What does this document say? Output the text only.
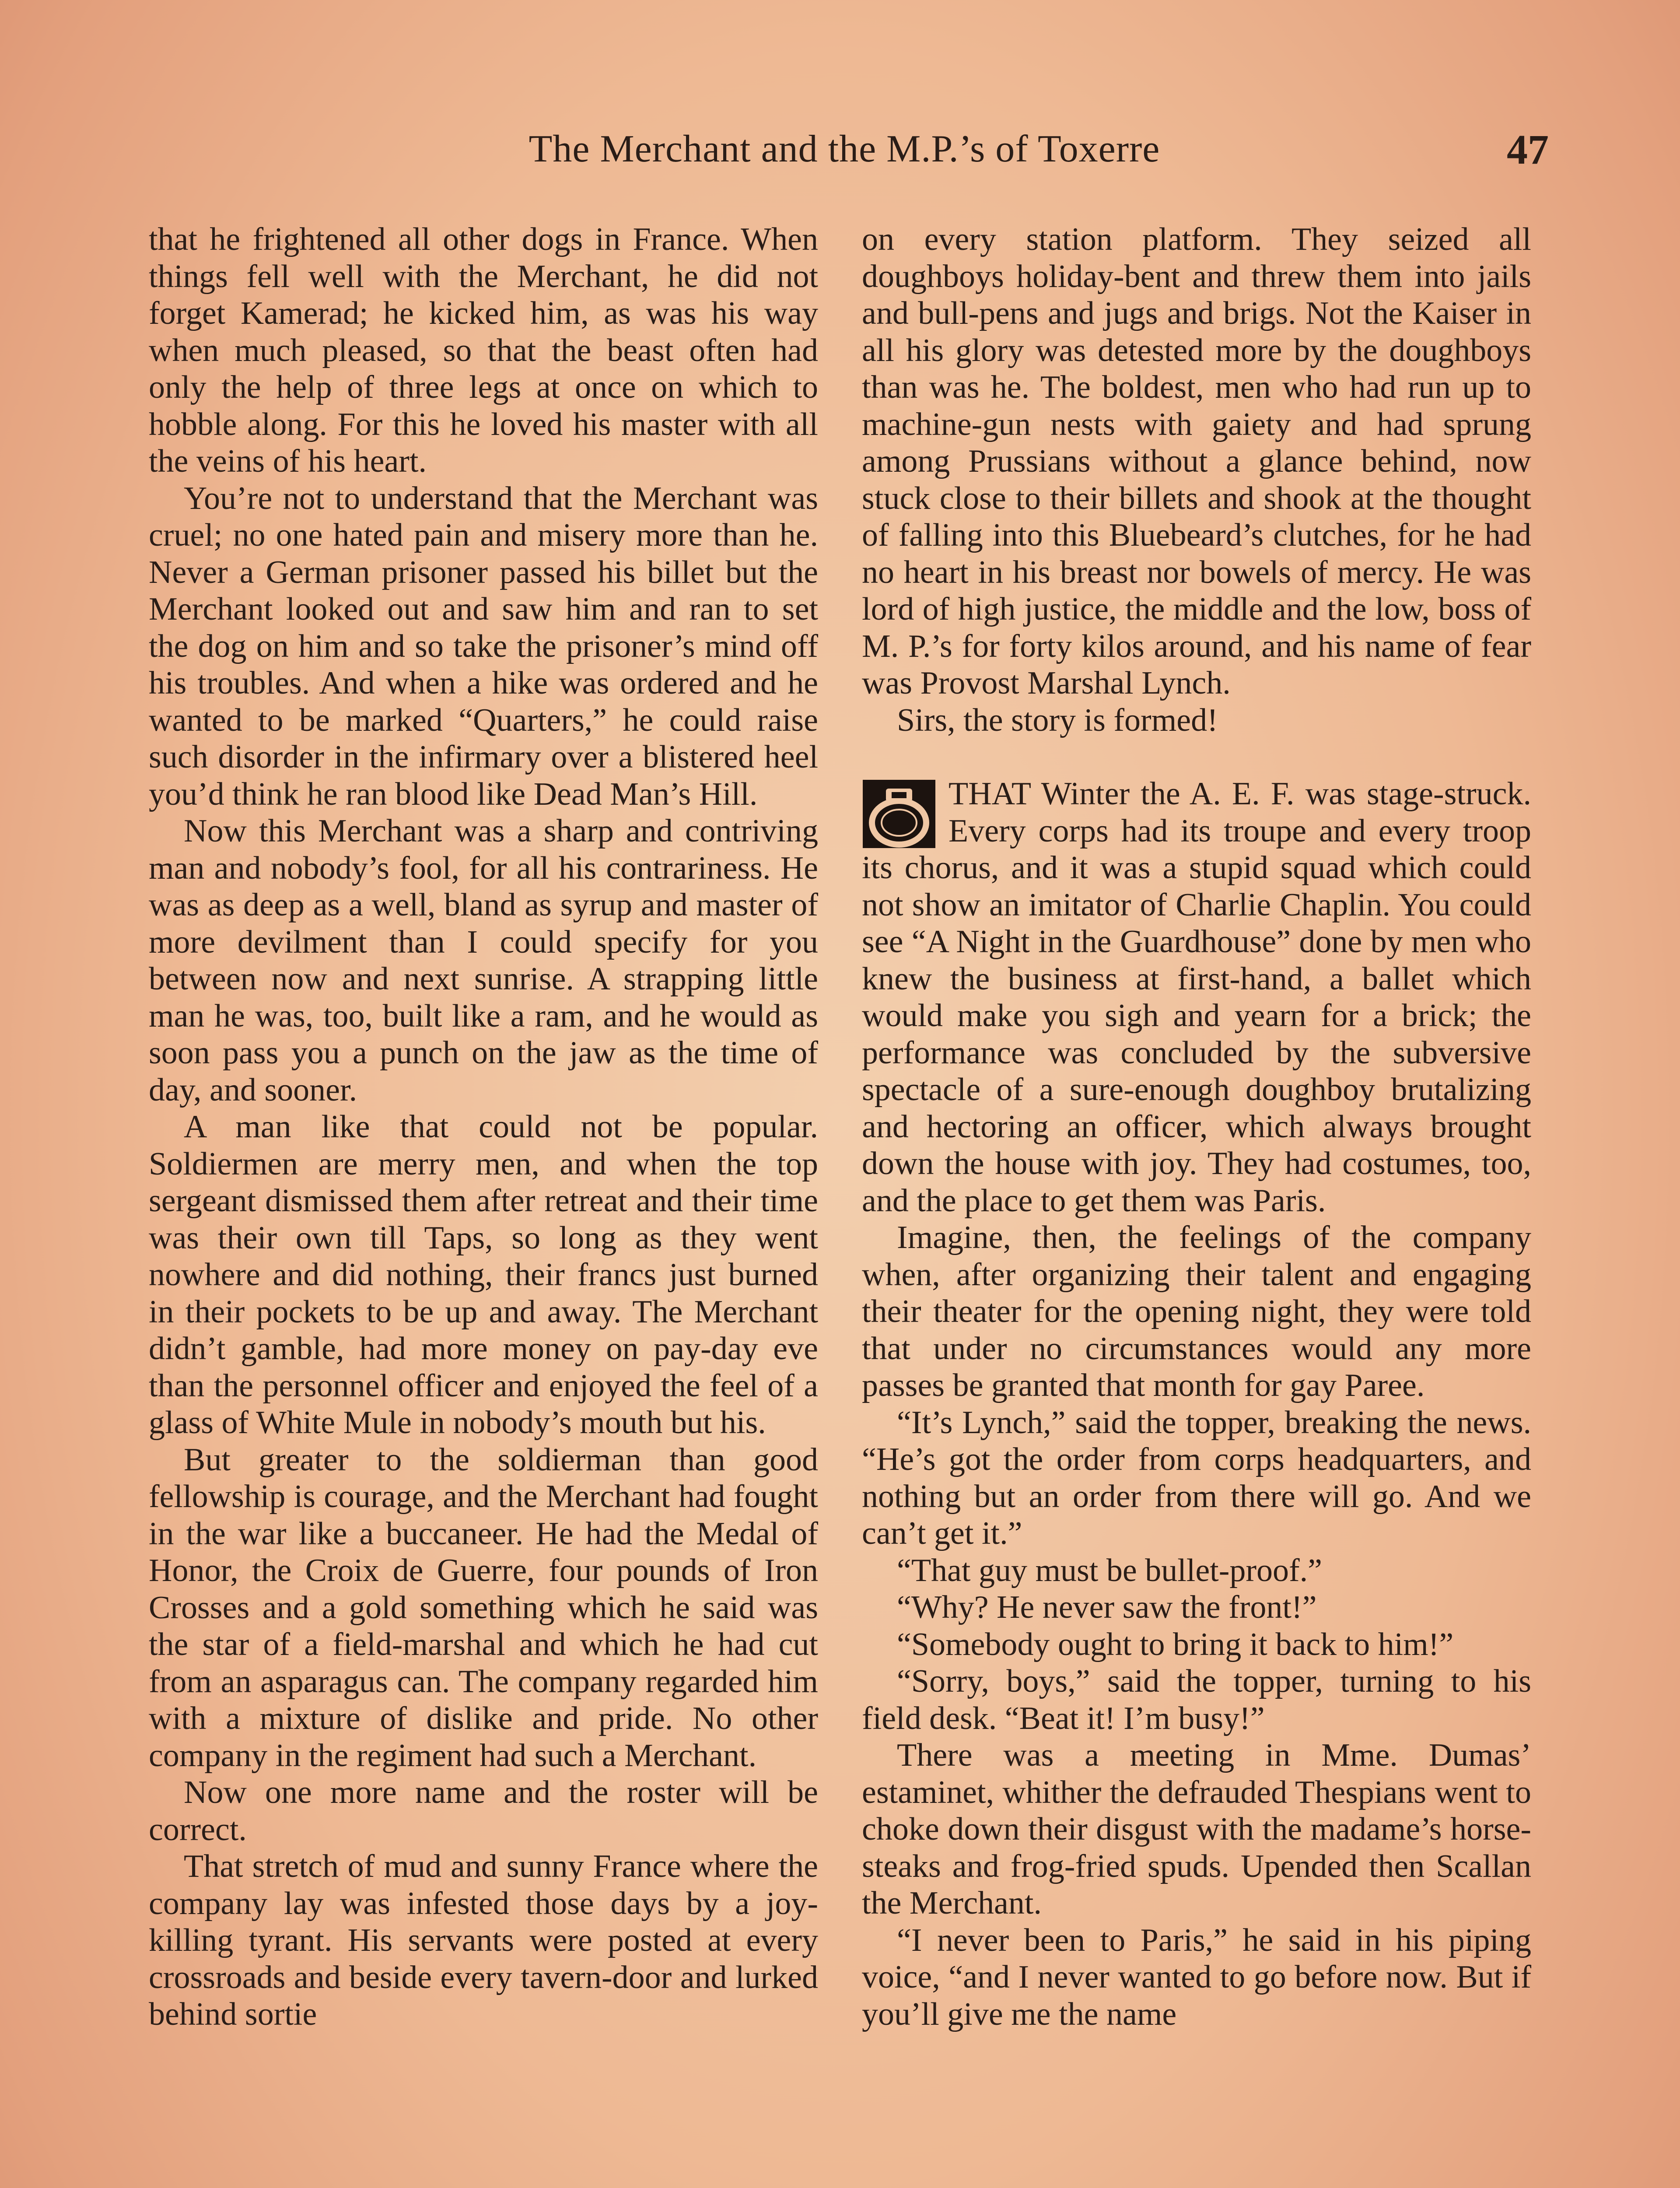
The Merchant and the M.P.’s of Toxerre	47

that he frightened all other dogs in France. When things fell well with the Merchant, he did not forget Kamerad; he kicked him, as was his way when much pleased, so that the beast often had only the help of three legs at once on which to hobble along. For this he loved his master with all the veins of his heart.

You’re not to understand that the Merchant was cruel; no one hated pain and misery more than he. Never a German prisoner passed his billet but the Merchant looked out and saw him and ran to set the dog on him and so take the prisoner’s mind off his troubles. And when a hike was ordered and he wanted to be marked “Quarters,” he could raise such disorder in the infirmary over a blistered heel you’d think he ran blood like Dead Man’s Hill.

Now this Merchant was a sharp and contriving man and nobody’s fool, for all his contrariness. He was as deep as a well, bland as syrup and master of more devilment than I could specify for you between now and next sunrise. A strapping little man he was, too, built like a ram, and he would as soon pass you a punch on the jaw as the time of day, and sooner.

A man like that could not be popular. Soldiermen are merry men, and when the top sergeant dismissed them after retreat and their time was their own till Taps, so long as they went nowhere and did nothing, their francs just burned in their pockets to be up and away. The Merchant didn’t gamble, had more money on pay-day eve than the personnel officer and enjoyed the feel of a glass of White Mule in nobody’s mouth but his.

But greater to the soldierman than good fellowship is courage, and the Merchant had fought in the war like a buccaneer. He had the Medal of Honor, the Croix de Guerre, four pounds of Iron Crosses and a gold something which he said was the star of a field-marshal and which he had cut from an asparagus can. The company regarded him with a mixture of dislike and pride. No other company in the regiment had such a Merchant.

Now one more name and the roster will be correct.

That stretch of mud and sunny France where the company lay was infested those days by a joy-killing tyrant. His servants were posted at every crossroads and beside every tavern-door and lurked behind sortie

on every station platform. They seized all doughboys holiday-bent and threw them into jails and bull-pens and jugs and brigs. Not the Kaiser in all his glory was detested more by the doughboys than was he. The boldest, men who had run up to machine-gun nests with gaiety and had sprung among Prussians without a glance behind, now stuck close to their billets and shook at the thought of falling into this Bluebeard’s clutches, for he had no heart in his breast nor bowels of mercy. He was lord of high justice, the middle and the low, boss of M. P.’s for forty kilos around, and his name of fear was Provost Marshal Lynch.

Sirs, the story is formed!

THAT Winter the A. E. F. was stage-struck. Every corps had its troupe and every troop its chorus, and it was a stupid squad which could not show an imitator of Charlie Chaplin. You could see “A Night in the Guardhouse” done by men who knew the business at first-hand, a ballet which would make you sigh and yearn for a brick; the performance was concluded by the subversive spectacle of a sure-enough doughboy brutalizing and hectoring an officer, which always brought down the house with joy. They had costumes, too, and the place to get them was Paris.

Imagine, then, the feelings of the company when, after organizing their talent and engaging their theater for the opening night, they were told that under no circumstances would any more passes be granted that month for gay Paree.

“It’s Lynch,” said the topper, breaking the news. “He’s got the order from corps headquarters, and nothing but an order from there will go. And we can’t get it.”

“That guy must be bullet-proof.”

“Why? He never saw the front!”

“Somebody ought to bring it back to him!”

“Sorry, boys,” said the topper, turning to his field desk. “Beat it! I’m busy!”

There was a meeting in Mme. Dumas’ estaminet, whither the defrauded Thespians went to choke down their disgust with the madame’s horse-steaks and frog-fried spuds. Upended then Scallan the Merchant.

“I never been to Paris,” he said in his piping voice, “and I never wanted to go before now. But if you’ll give me the name
